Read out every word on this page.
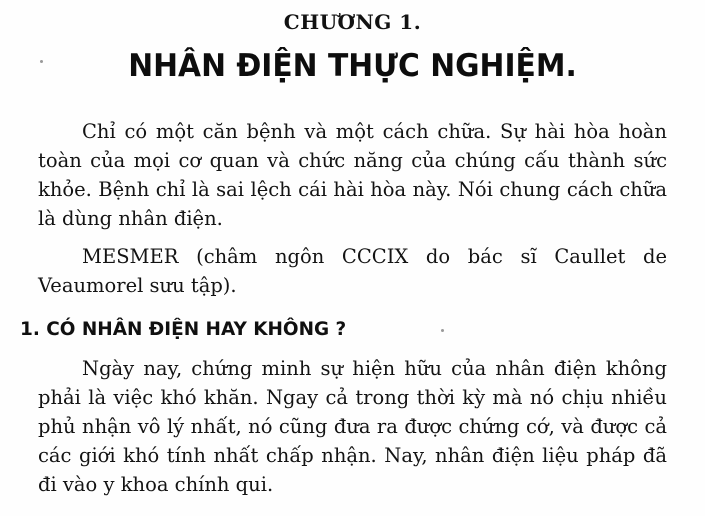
CHƯƠNG 1.
NHÂN ĐIỆN THỰC NGHIỆM.

Chỉ có một căn bệnh và một cách chữa. Sự hài hòa hoàn toàn của mọi cơ quan và chức năng của chúng cấu thành sức khỏe. Bệnh chỉ là sai lệch cái hài hòa này. Nói chung cách chữa là dùng nhân điện.

MESMER (châm ngôn CCCIX do bác sĩ Caullet de Veaumorel sưu tập).

1. CÓ NHÂN ĐIỆN HAY KHÔNG ?

Ngày nay, chứng minh sự hiện hữu của nhân điện không phải là việc khó khăn. Ngay cả trong thời kỳ mà nó chịu nhiều phủ nhận vô lý nhất, nó cũng đưa ra được chứng cớ, và được cả các giới khó tính nhất chấp nhận. Nay, nhân điện liệu pháp đã đi vào y khoa chính qui.
